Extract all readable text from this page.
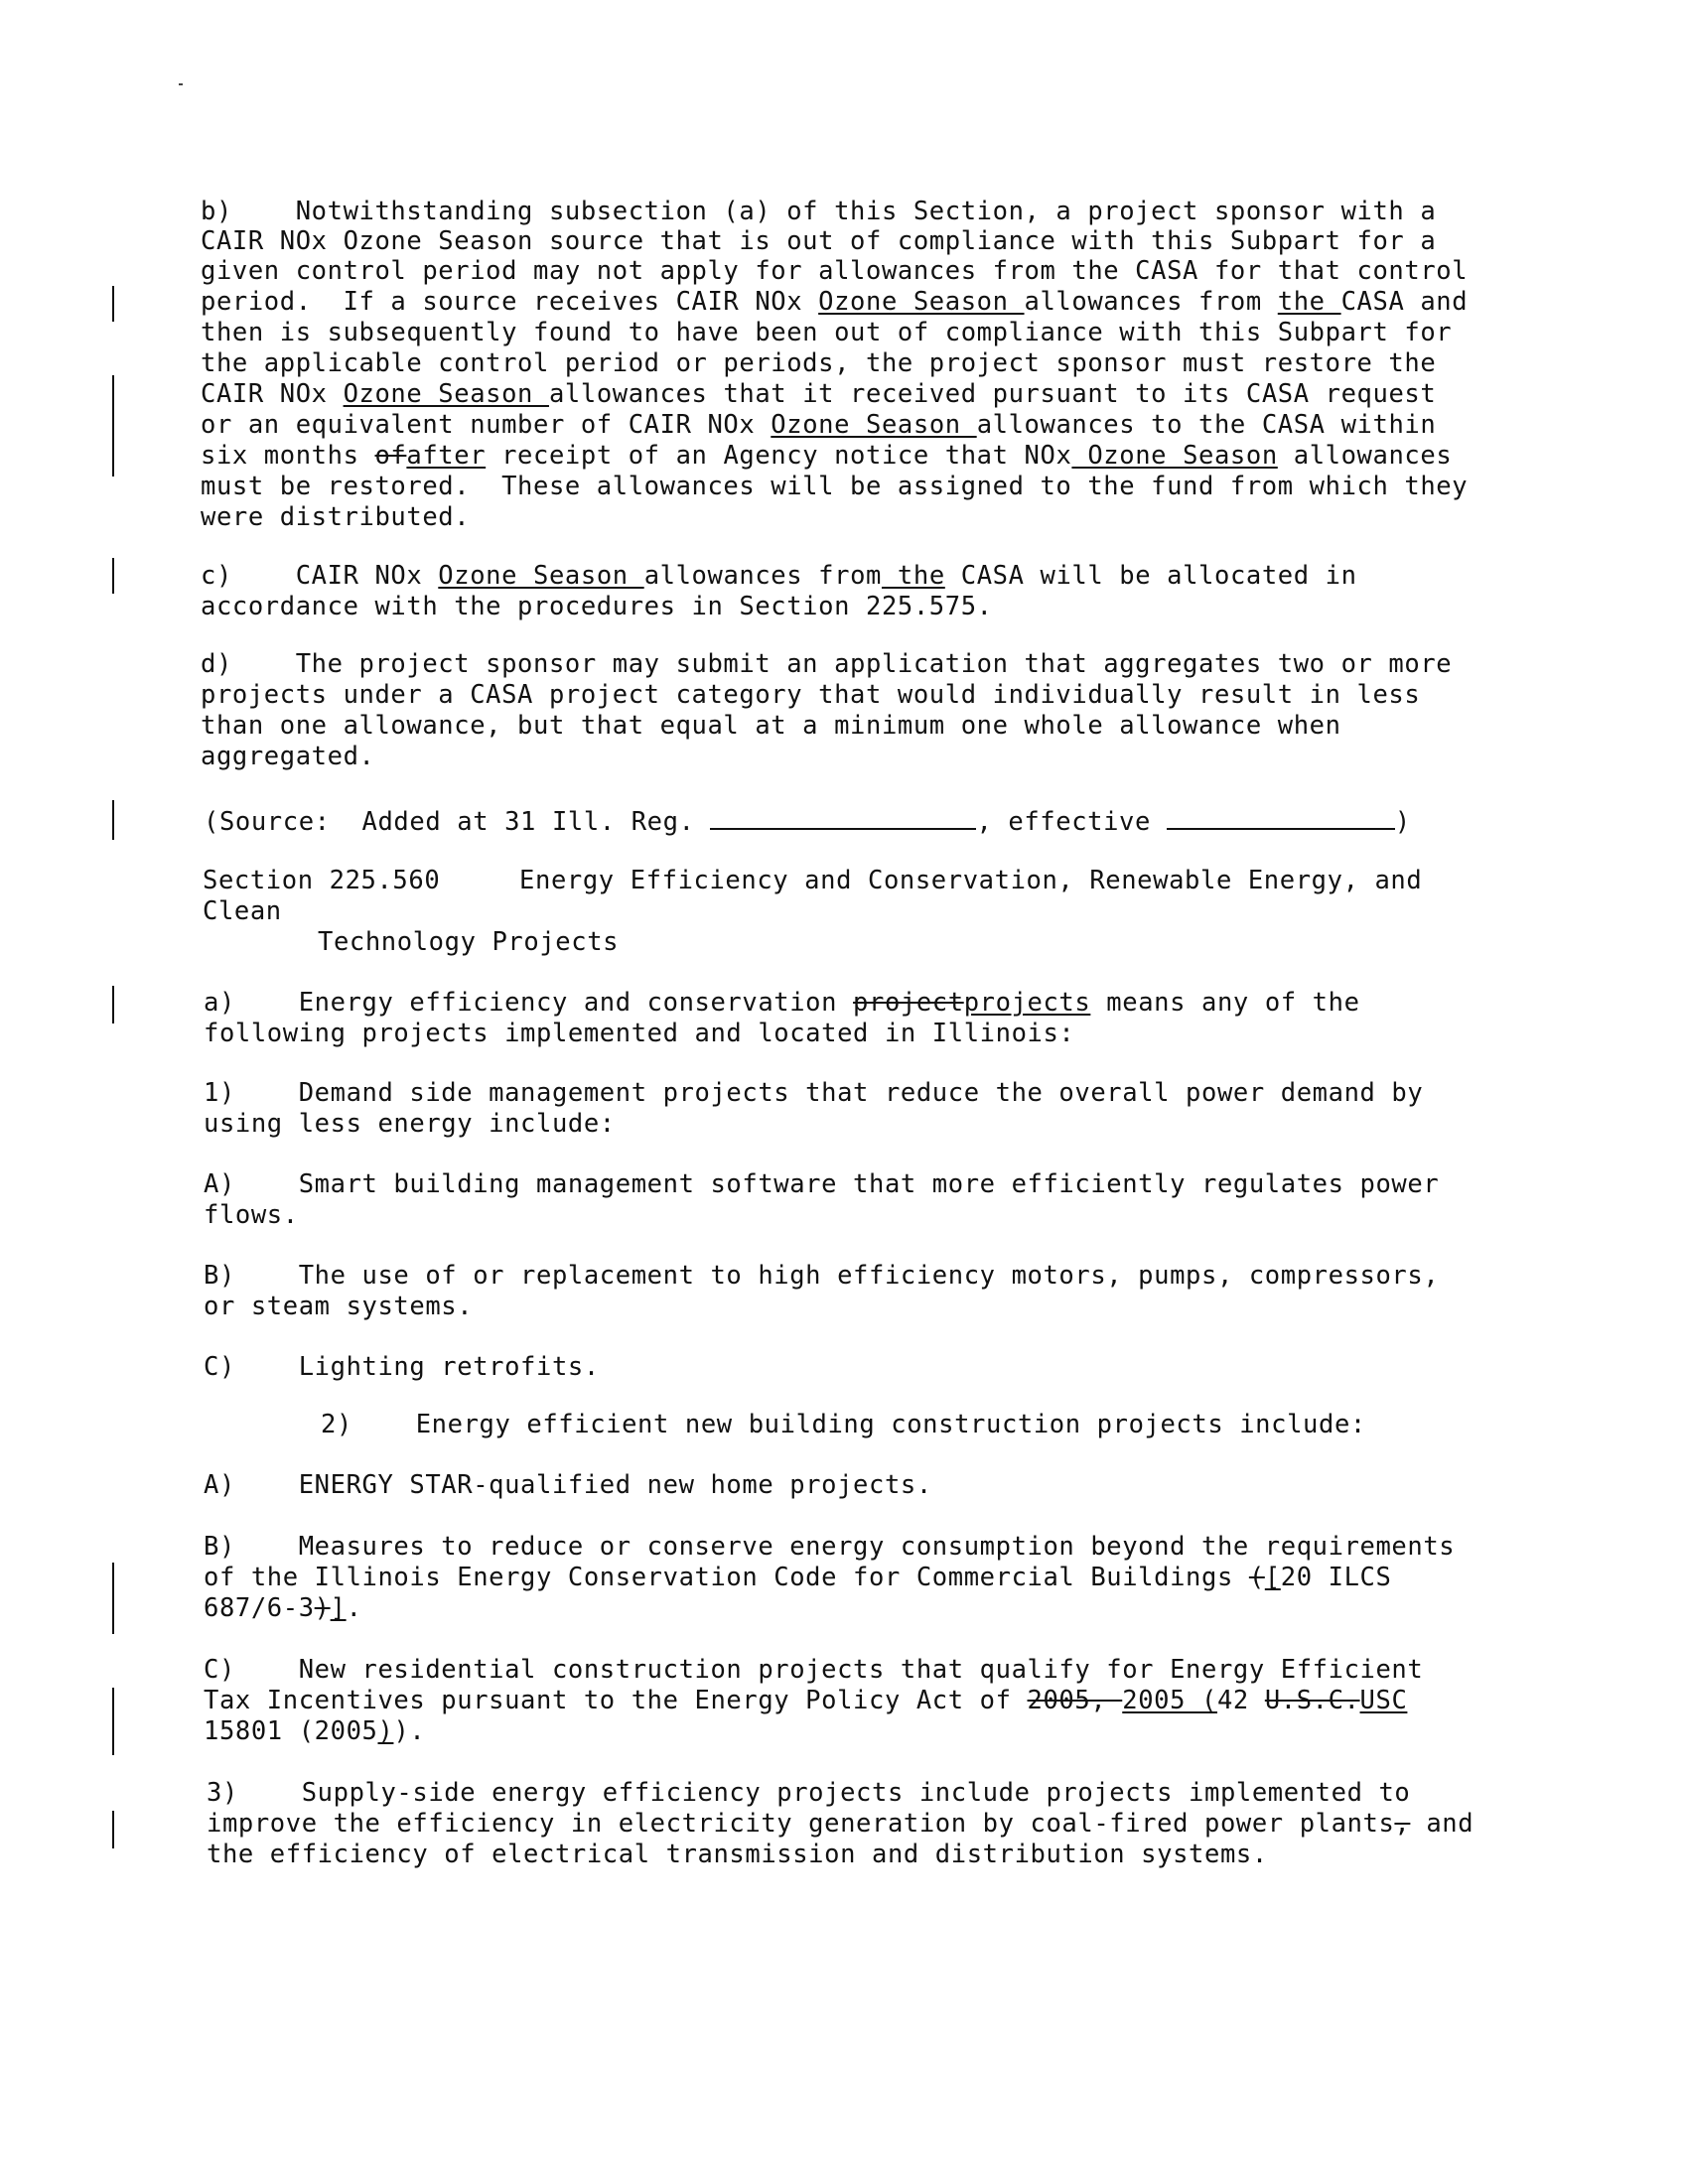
b)    Notwithstanding subsection (a) of this Section, a project sponsor with a
CAIR NOx Ozone Season source that is out of compliance with this Subpart for a
given control period may not apply for allowances from the CASA for that control
period.  If a source receives CAIR NOx Ozone Season allowances from the CASA and
then is subsequently found to have been out of compliance with this Subpart for
the applicable control period or periods, the project sponsor must restore the
CAIR NOx Ozone Season allowances that it received pursuant to its CASA request
or an equivalent number of CAIR NOx Ozone Season allowances to the CASA within
six months ofafter receipt of an Agency notice that NOx Ozone Season allowances
must be restored.  These allowances will be assigned to the fund from which they
were distributed.
c)    CAIR NOx Ozone Season allowances from the CASA will be allocated in
accordance with the procedures in Section 225.575.
d)    The project sponsor may submit an application that aggregates two or more
projects under a CASA project category that would individually result in less
than one allowance, but that equal at a minimum one whole allowance when
aggregated.
(Source:  Added at 31 Ill. Reg.	, effective	)
Section 225.560     Energy Efficiency and Conservation, Renewable Energy, and
Clean
Technology Projects
a)    Energy efficiency and conservation projectprojects means any of the
following projects implemented and located in Illinois:
1)    Demand side management projects that reduce the overall power demand by
using less energy include:
A)    Smart building management software that more efficiently regulates power
flows.
B)    The use of or replacement to high efficiency motors, pumps, compressors,
or steam systems.
C)    Lighting retrofits.
2)    Energy efficient new building construction projects include:
A)    ENERGY STAR-qualified new home projects.
B)    Measures to reduce or conserve energy consumption beyond the requirements
of the Illinois Energy Conservation Code for Commercial Buildings ([20 ILCS
687/6-3)].
C)    New residential construction projects that qualify for Energy Efficient
Tax Incentives pursuant to the Energy Policy Act of 2005, 2005 (42 U.S.C.USC
15801 (2005)).
3)    Supply-side energy efficiency projects include projects implemented to
improve the efficiency in electricity generation by coal-fired power plants, and
the efficiency of electrical transmission and distribution systems.
